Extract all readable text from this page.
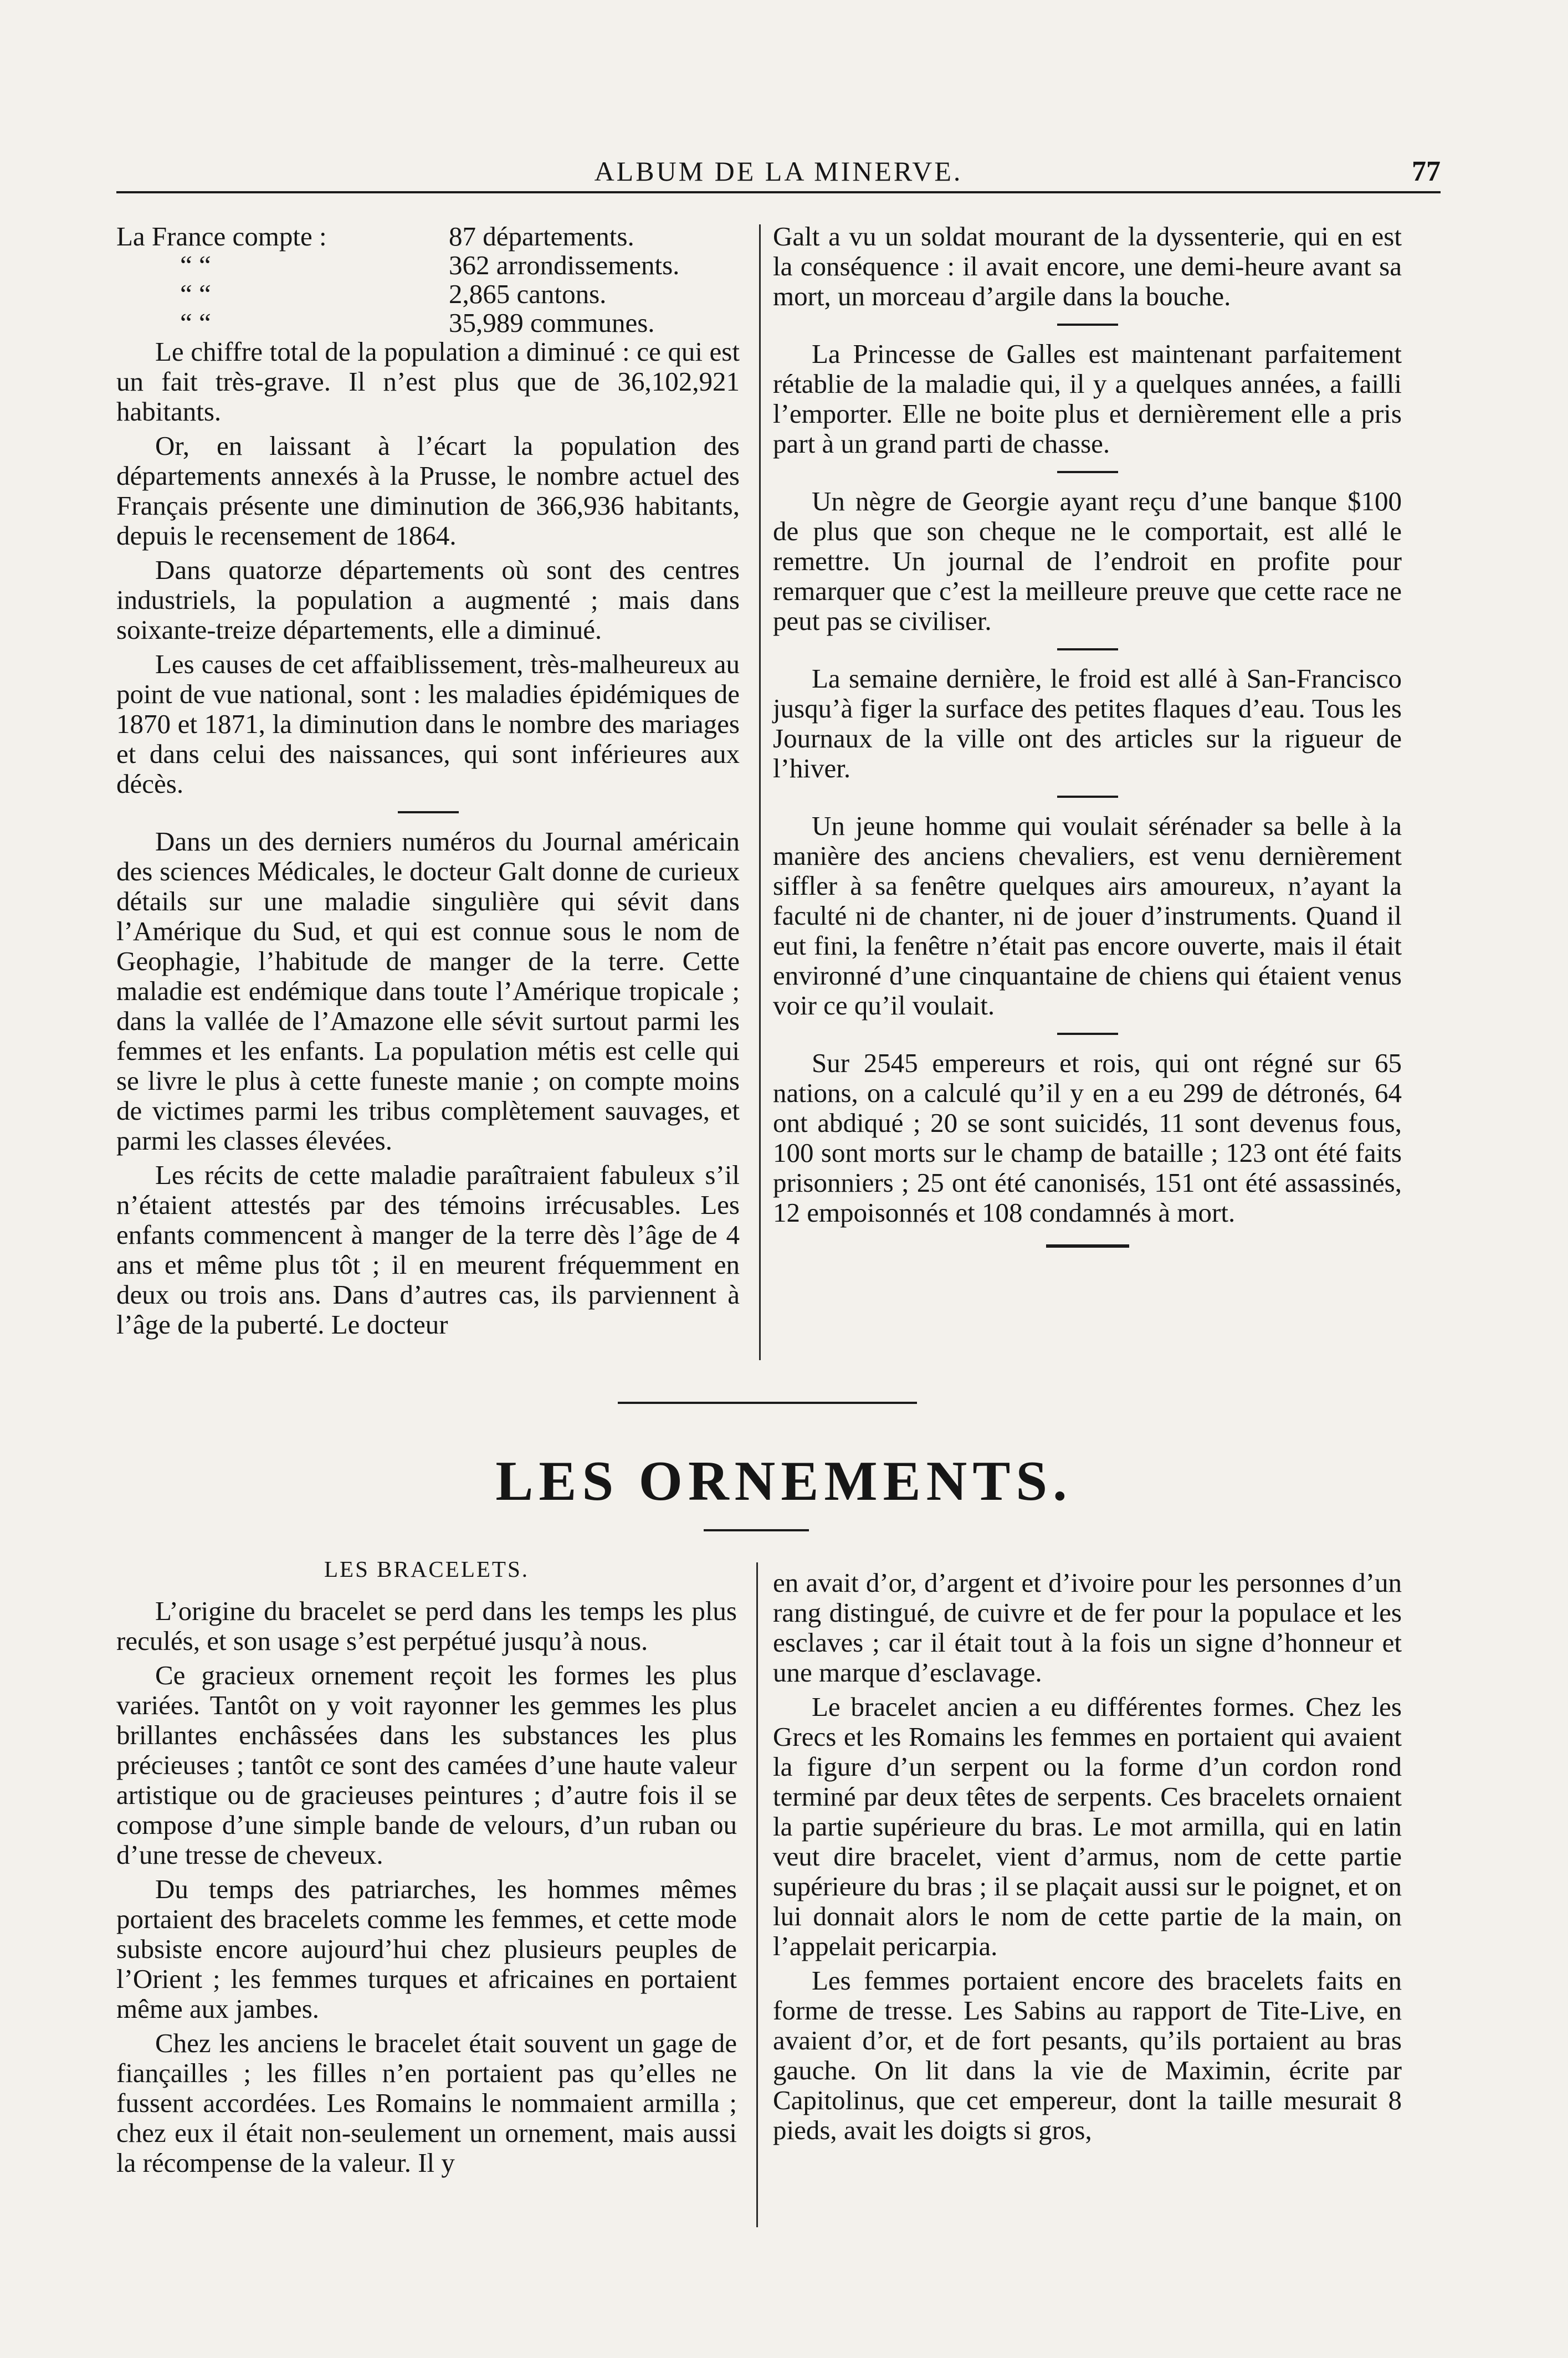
ALBUM DE LA MINERVE.	77
La France compte :	87 départements.
“ “	362 arrondissements.
“ “	2,865 cantons.
“ “	35,989 communes.

Le chiffre total de la population a diminué : ce qui est un fait très-grave. Il n’est plus que de 36,102,921 habitants.

Or, en laissant à l’écart la population des départements annexés à la Prusse, le nombre actuel des Français présente une diminution de 366,936 habitants, depuis le recensement de 1864.

Dans quatorze départements où sont des centres industriels, la population a augmenté ; mais dans soixante-treize départements, elle a diminué.

Les causes de cet affaiblissement, très-malheureux au point de vue national, sont : les maladies épidémiques de 1870 et 1871, la diminution dans le nombre des mariages et dans celui des naissances, qui sont inférieures aux décès.

Dans un des derniers numéros du Journal américain des sciences Médicales, le docteur Galt donne de curieux détails sur une maladie singulière qui sévit dans l’Amérique du Sud, et qui est connue sous le nom de Geophagie, l’habitude de manger de la terre. Cette maladie est endémique dans toute l’Amérique tropicale ; dans la vallée de l’Amazone elle sévit surtout parmi les femmes et les enfants. La population métis est celle qui se livre le plus à cette funeste manie ; on compte moins de victimes parmi les tribus complètement sauvages, et parmi les classes élevées.

Les récits de cette maladie paraîtraient fabuleux s’il n’étaient attestés par des témoins irrécusables. Les enfants commencent à manger de la terre dès l’âge de 4 ans et même plus tôt ; il en meurent fréquemment en deux ou trois ans. Dans d’autres cas, ils parviennent à l’âge de la puberté. Le docteur

Galt a vu un soldat mourant de la dyssenterie, qui en est la conséquence : il avait encore, une demi-heure avant sa mort, un morceau d’argile dans la bouche.

La Princesse de Galles est maintenant parfaitement rétablie de la maladie qui, il y a quelques années, a failli l’emporter. Elle ne boite plus et dernièrement elle a pris part à un grand parti de chasse.

Un nègre de Georgie ayant reçu d’une banque $100 de plus que son cheque ne le comportait, est allé le remettre. Un journal de l’endroit en profite pour remarquer que c’est la meilleure preuve que cette race ne peut pas se civiliser.

La semaine dernière, le froid est allé à San-Francisco jusqu’à figer la surface des petites flaques d’eau. Tous les Journaux de la ville ont des articles sur la rigueur de l’hiver.

Un jeune homme qui voulait sérénader sa belle à la manière des anciens chevaliers, est venu dernièrement siffler à sa fenêtre quelques airs amoureux, n’ayant la faculté ni de chanter, ni de jouer d’instruments. Quand il eut fini, la fenêtre n’était pas encore ouverte, mais il était environné d’une cinquantaine de chiens qui étaient venus voir ce qu’il voulait.

Sur 2545 empereurs et rois, qui ont régné sur 65 nations, on a calculé qu’il y en a eu 299 de détronés, 64 ont abdiqué ; 20 se sont suicidés, 11 sont devenus fous, 100 sont morts sur le champ de bataille ; 123 ont été faits prisonniers ; 25 ont été canonisés, 151 ont été assassinés, 12 empoisonnés et 108 condamnés à mort.

LES ORNEMENTS.
LES BRACELETS.

L’origine du bracelet se perd dans les temps les plus reculés, et son usage s’est perpétué jusqu’à nous.

Ce gracieux ornement reçoit les formes les plus variées. Tantôt on y voit rayonner les gemmes les plus brillantes enchâssées dans les substances les plus précieuses ; tantôt ce sont des camées d’une haute valeur artistique ou de gracieuses peintures ; d’autre fois il se compose d’une simple bande de velours, d’un ruban ou d’une tresse de cheveux.

Du temps des patriarches, les hommes mêmes portaient des bracelets comme les femmes, et cette mode subsiste encore aujourd’hui chez plusieurs peuples de l’Orient ; les femmes turques et africaines en portaient même aux jambes.

Chez les anciens le bracelet était souvent un gage de fiançailles ; les filles n’en portaient pas qu’elles ne fussent accordées. Les Romains le nommaient armilla ; chez eux il était non-seulement un ornement, mais aussi la récompense de la valeur. Il y

en avait d’or, d’argent et d’ivoire pour les personnes d’un rang distingué, de cuivre et de fer pour la populace et les esclaves ; car il était tout à la fois un signe d’honneur et une marque d’esclavage.

Le bracelet ancien a eu différentes formes. Chez les Grecs et les Romains les femmes en portaient qui avaient la figure d’un serpent ou la forme d’un cordon rond terminé par deux têtes de serpents. Ces bracelets ornaient la partie supérieure du bras. Le mot armilla, qui en latin veut dire bracelet, vient d’armus, nom de cette partie supérieure du bras ; il se plaçait aussi sur le poignet, et on lui donnait alors le nom de cette partie de la main, on l’appelait pericarpia.

Les femmes portaient encore des bracelets faits en forme de tresse. Les Sabins au rapport de Tite-Live, en avaient d’or, et de fort pesants, qu’ils portaient au bras gauche. On lit dans la vie de Maximin, écrite par Capitolinus, que cet empereur, dont la taille mesurait 8 pieds, avait les doigts si gros,
